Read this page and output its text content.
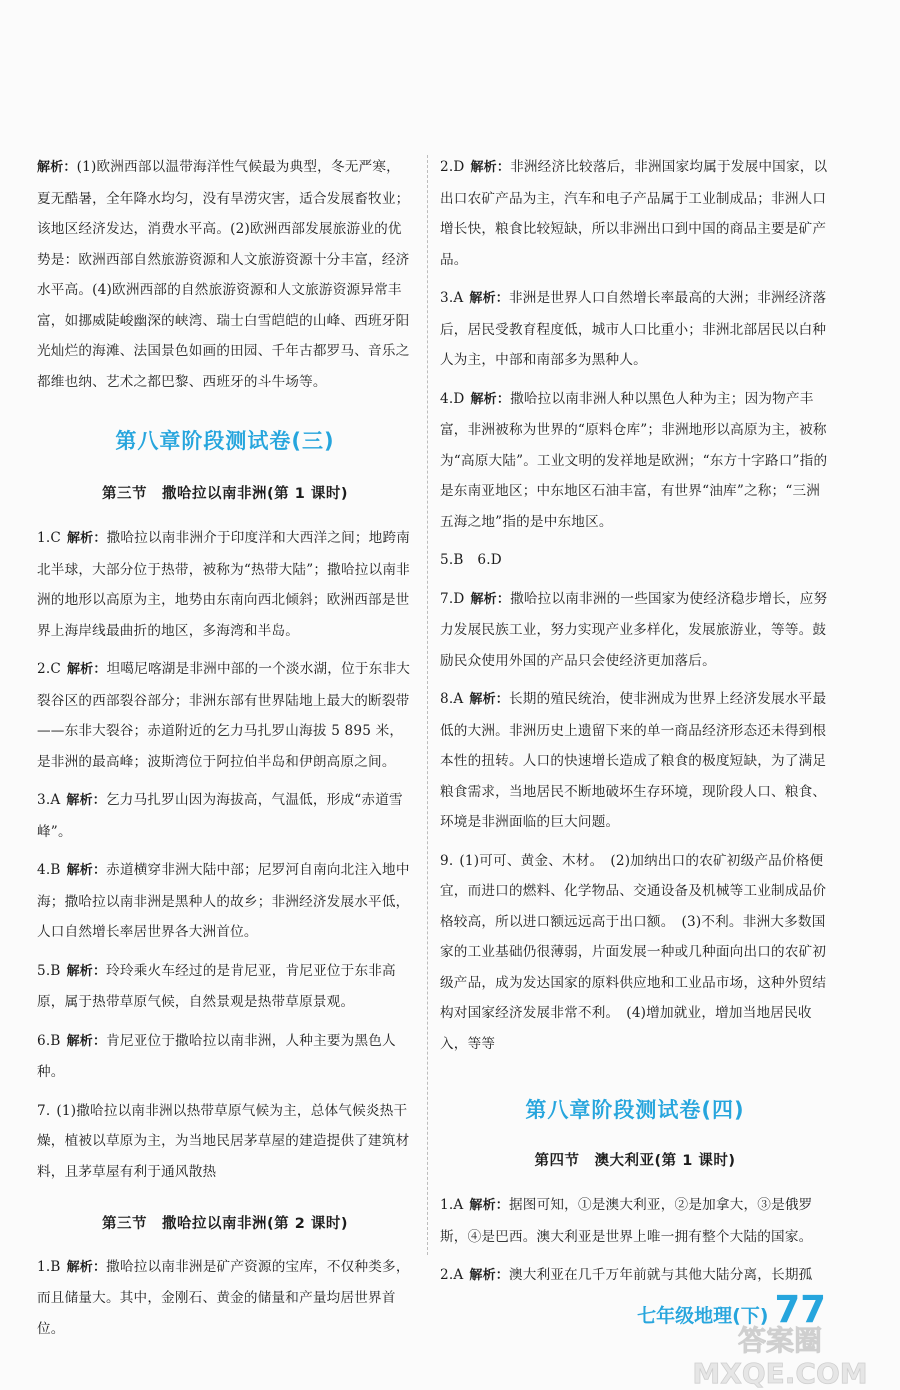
解析：(1)欧洲西部以温带海洋性气候最为典型，冬无严寒，夏无酷暑，全年降水均匀，没有旱涝灾害，适合发展畜牧业；该地区经济发达，消费水平高。(2)欧洲西部发展旅游业的优势是：欧洲西部自然旅游资源和人文旅游资源十分丰富，经济水平高。(4)欧洲西部的自然旅游资源和人文旅游资源异常丰富，如挪威陡峻幽深的峡湾、瑞士白雪皑皑的山峰、西班牙阳光灿烂的海滩、法国景色如画的田园、千年古都罗马、音乐之都维也纳、艺术之都巴黎、西班牙的斗牛场等。

第八章阶段测试卷(三)
第三节　撒哈拉以南非洲(第 1 课时)

1.C 解析：撒哈拉以南非洲介于印度洋和大西洋之间；地跨南北半球，大部分位于热带，被称为“热带大陆”；撒哈拉以南非洲的地形以高原为主，地势由东南向西北倾斜；欧洲西部是世界上海岸线最曲折的地区，多海湾和半岛。

2.C 解析：坦噶尼喀湖是非洲中部的一个淡水湖，位于东非大裂谷区的西部裂谷部分；非洲东部有世界陆地上最大的断裂带——东非大裂谷；赤道附近的乞力马扎罗山海拔 5 895 米，是非洲的最高峰；波斯湾位于阿拉伯半岛和伊朗高原之间。

3.A 解析：乞力马扎罗山因为海拔高，气温低，形成“赤道雪峰”。

4.B 解析：赤道横穿非洲大陆中部；尼罗河自南向北注入地中海；撒哈拉以南非洲是黑种人的故乡；非洲经济发展水平低，人口自然增长率居世界各大洲首位。

5.B 解析：玲玲乘火车经过的是肯尼亚，肯尼亚位于东非高原，属于热带草原气候，自然景观是热带草原景观。

6.B 解析：肯尼亚位于撒哈拉以南非洲，人种主要为黑色人种。

7. (1)撒哈拉以南非洲以热带草原气候为主，总体气候炎热干燥，植被以草原为主，为当地民居茅草屋的建造提供了建筑材料，且茅草屋有利于通风散热

第三节　撒哈拉以南非洲(第 2 课时)

1.B 解析：撒哈拉以南非洲是矿产资源的宝库，不仅种类多，而且储量大。其中，金刚石、黄金的储量和产量均居世界首位。

2.D 解析：非洲经济比较落后，非洲国家均属于发展中国家，以出口农矿产品为主，汽车和电子产品属于工业制成品；非洲人口增长快，粮食比较短缺，所以非洲出口到中国的商品主要是矿产品。

3.A 解析：非洲是世界人口自然增长率最高的大洲；非洲经济落后，居民受教育程度低，城市人口比重小；非洲北部居民以白种人为主，中部和南部多为黑种人。

4.D 解析：撒哈拉以南非洲人种以黑色人种为主；因为物产丰富，非洲被称为世界的“原料仓库”；非洲地形以高原为主，被称为“高原大陆”。工业文明的发祥地是欧洲；“东方十字路口”指的是东南亚地区；中东地区石油丰富，有世界“油库”之称；“三洲五海之地”指的是中东地区。

5.B　6.D

7.D 解析：撒哈拉以南非洲的一些国家为使经济稳步增长，应努力发展民族工业，努力实现产业多样化，发展旅游业，等等。鼓励民众使用外国的产品只会使经济更加落后。

8.A 解析：长期的殖民统治，使非洲成为世界上经济发展水平最低的大洲。非洲历史上遗留下来的单一商品经济形态还未得到根本性的扭转。人口的快速增长造成了粮食的极度短缺，为了满足粮食需求，当地居民不断地破坏生存环境，现阶段人口、粮食、环境是非洲面临的巨大问题。

9. (1)可可、黄金、木材。　(2)加纳出口的农矿初级产品价格便宜，而进口的燃料、化学物品、交通设备及机械等工业制成品价格较高，所以进口额远远高于出口额。　(3)不利。非洲大多数国家的工业基础仍很薄弱，片面发展一种或几种面向出口的农矿初级产品，成为发达国家的原料供应地和工业品市场，这种外贸结构对国家经济发展非常不利。　(4)增加就业，增加当地居民收入，等等

第八章阶段测试卷(四)
第四节　澳大利亚(第 1 课时)

1.A 解析：据图可知，①是澳大利亚，②是加拿大，③是俄罗斯，④是巴西。澳大利亚是世界上唯一拥有整个大陆的国家。

2.A 解析：澳大利亚在几千万年前就与其他大陆分离，长期孤

七年级地理(下) 77
答案圈
MXQE.COM
